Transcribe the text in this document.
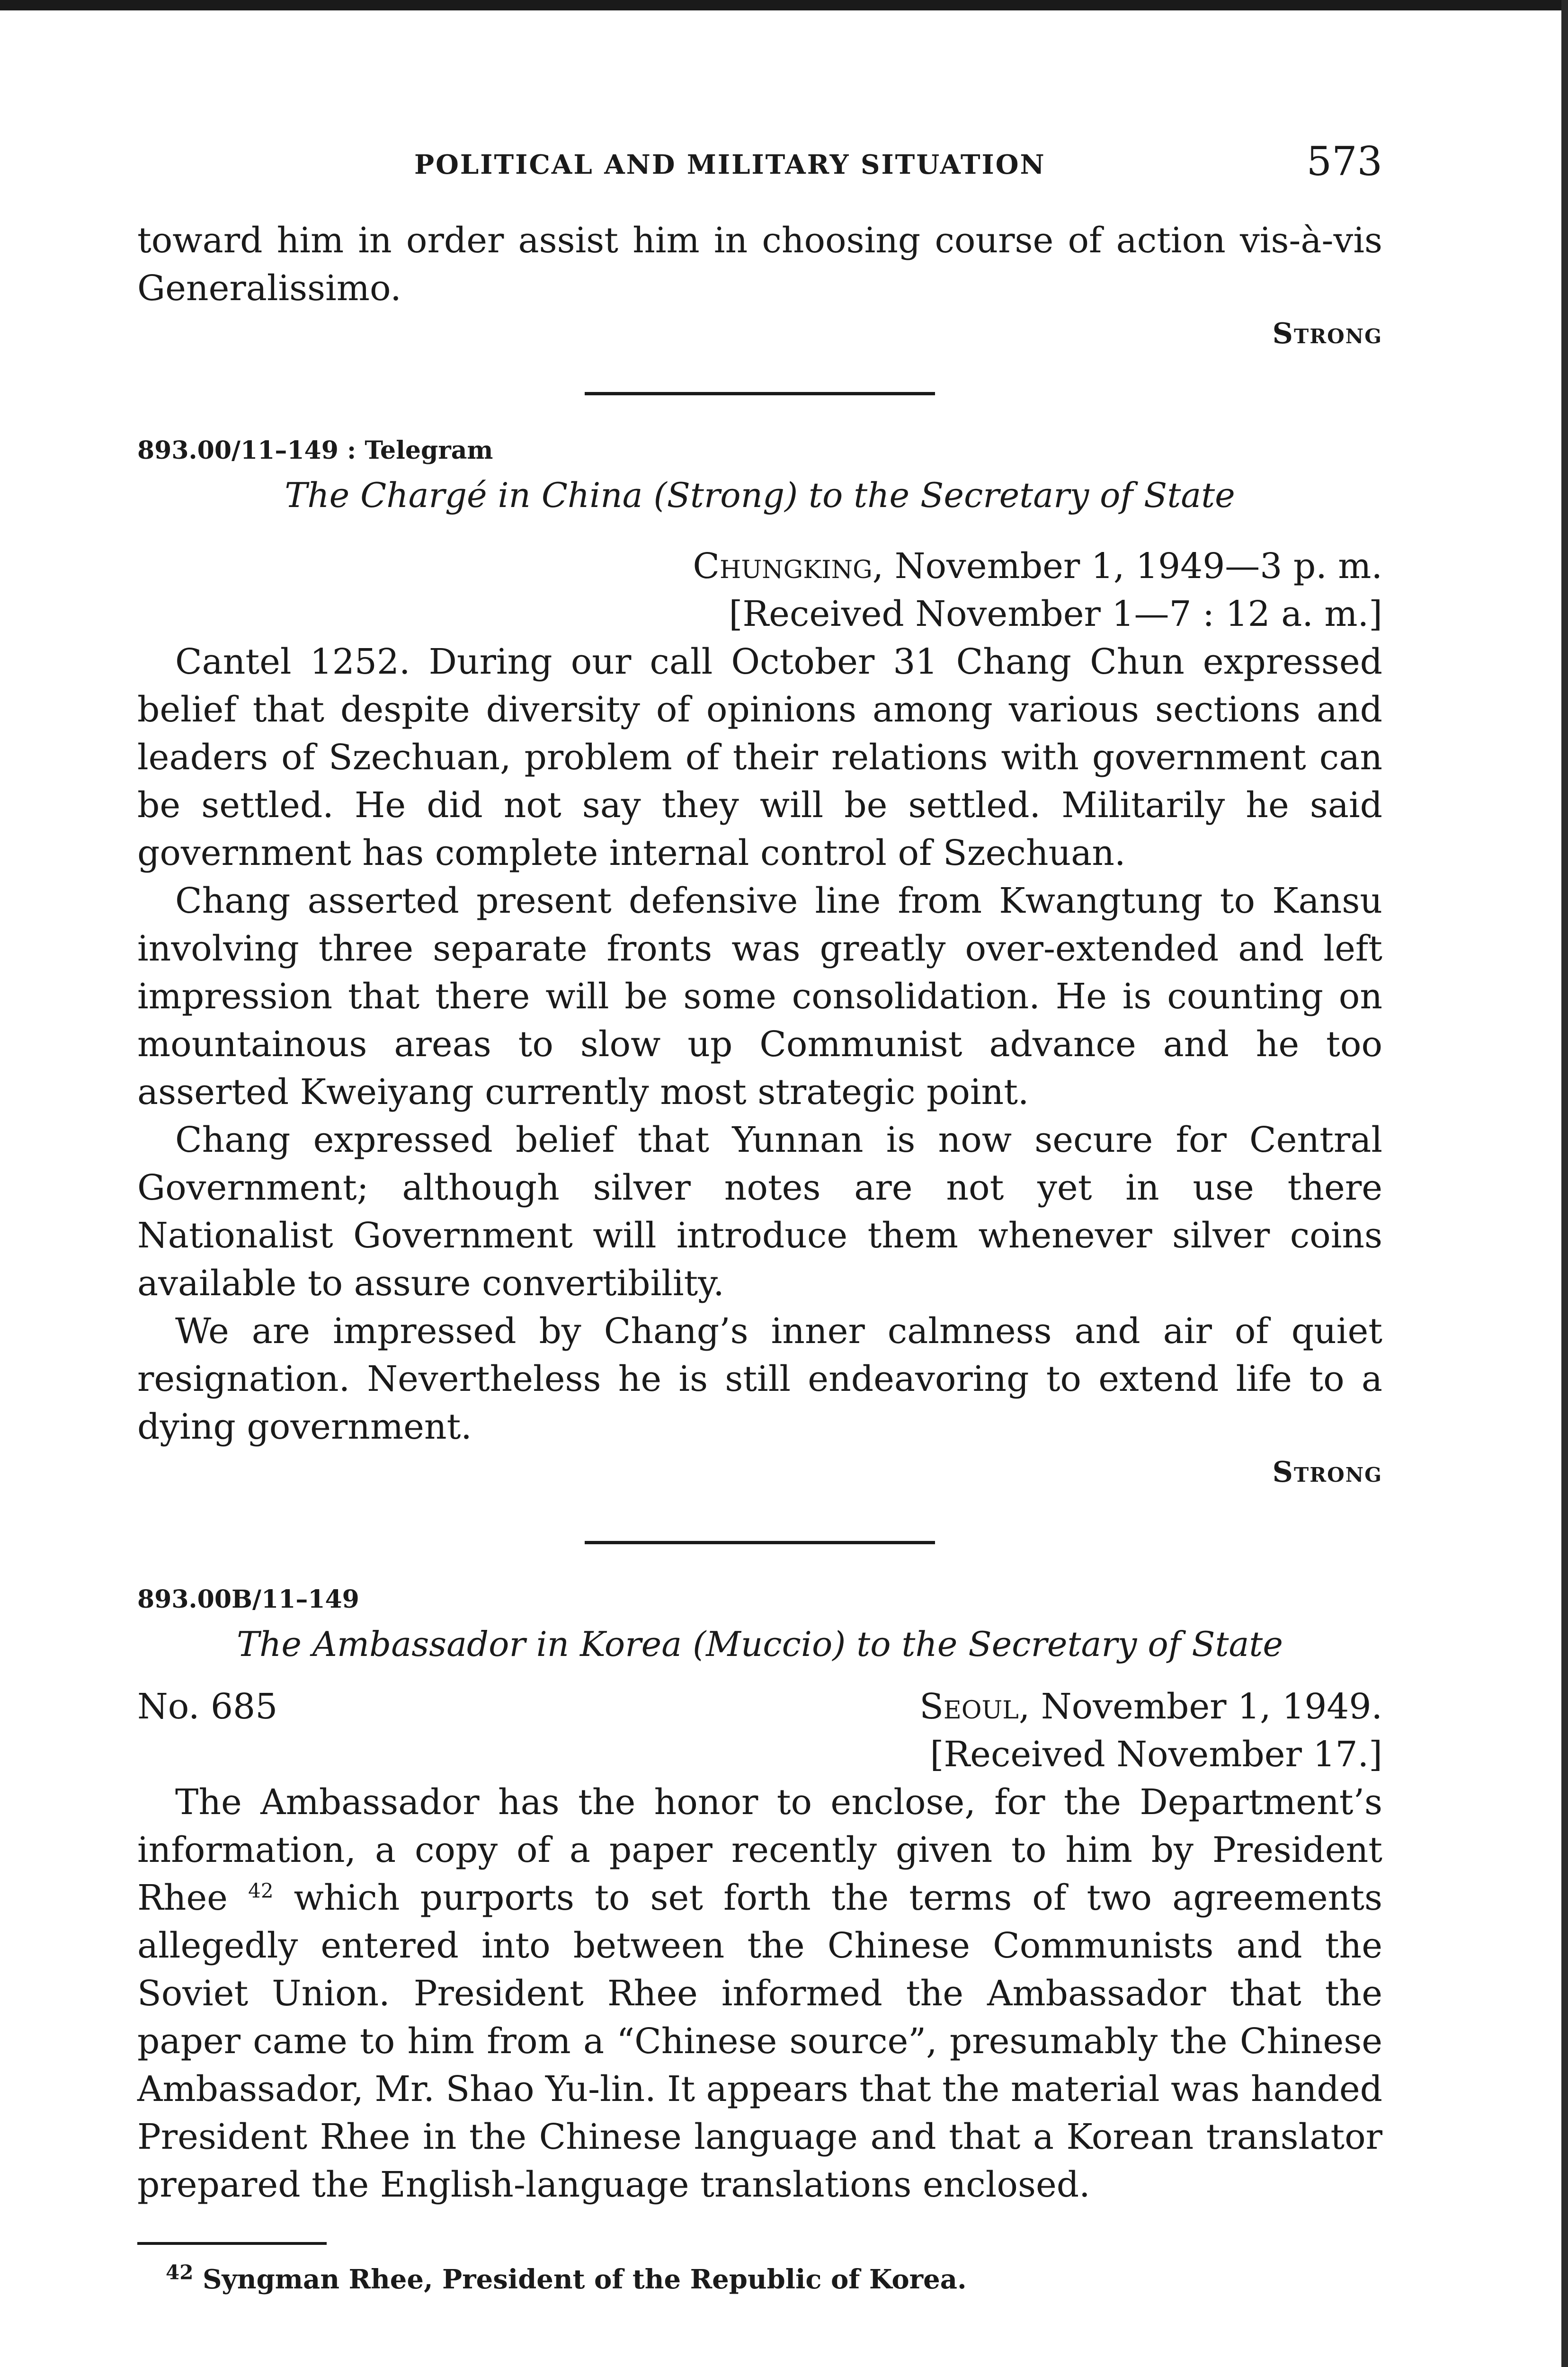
POLITICAL AND MILITARY SITUATION	573

toward him in order assist him in choosing course of action vis-à-vis Generalissimo.

Strong
893.00/11–149 : Telegram
The Chargé in China (Strong) to the Secretary of State
Chungking, November 1, 1949—3 p. m.
[Received November 1—7 : 12 a. m.]

Cantel 1252. During our call October 31 Chang Chun expressed belief that despite diversity of opinions among various sections and leaders of Szechuan, problem of their relations with government can be settled. He did not say they will be settled. Militarily he said government has complete internal control of Szechuan.

Chang asserted present defensive line from Kwangtung to Kansu involving three separate fronts was greatly over-extended and left impression that there will be some consolidation. He is counting on mountainous areas to slow up Communist advance and he too asserted Kweiyang currently most strategic point.

Chang expressed belief that Yunnan is now secure for Central Government; although silver notes are not yet in use there Nationalist Government will introduce them whenever silver coins available to assure convertibility.

We are impressed by Chang’s inner calmness and air of quiet resignation. Nevertheless he is still endeavoring to extend life to a dying government.

Strong
893.00B/11–149
The Ambassador in Korea (Muccio) to the Secretary of State
No. 685	Seoul, November 1, 1949.
[Received November 17.]

The Ambassador has the honor to enclose, for the Department’s information, a copy of a paper recently given to him by President Rhee $^{42}$ which purports to set forth the terms of two agreements allegedly entered into between the Chinese Communists and the Soviet Union. President Rhee informed the Ambassador that the paper came to him from a “Chinese source”, presumably the Chinese Ambassador, Mr. Shao Yu-lin. It appears that the material was handed President Rhee in the Chinese language and that a Korean translator prepared the English-language translations enclosed.

$^{42}$ Syngman Rhee, President of the Republic of Korea.
